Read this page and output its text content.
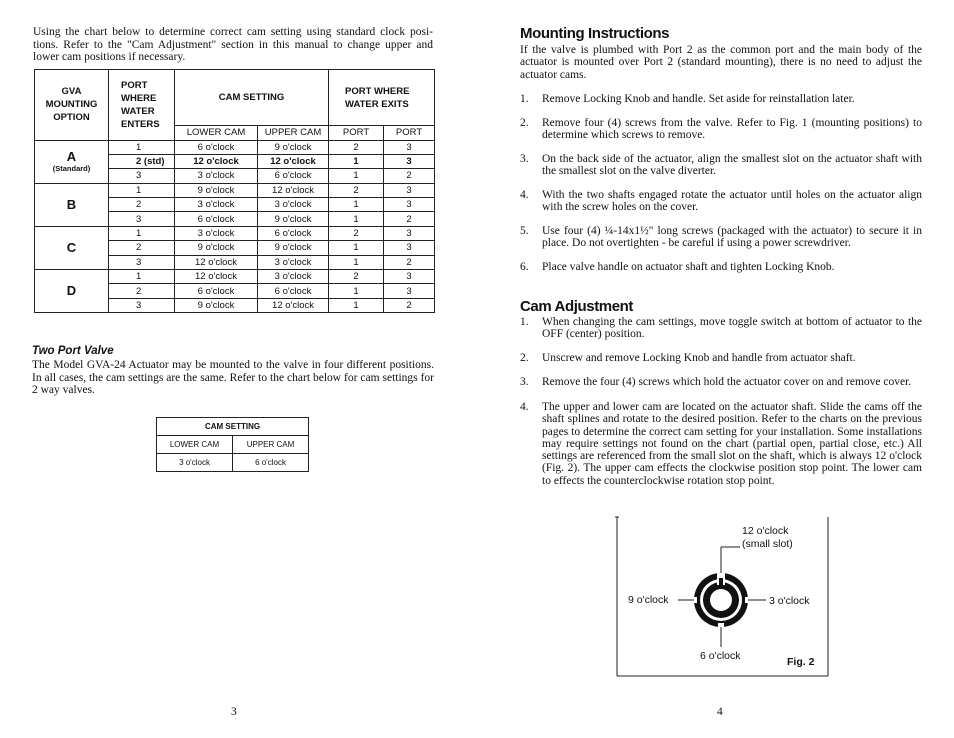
Using the chart below to determine correct cam setting using standard clock posi-tions. Refer to the "Cam Adjustment" section in this manual to change upper and lower cam positions if necessary.
GVA
MOUNTING
OPTION	PORT
WHERE
WATER
ENTERS	CAM SETTING		PORT WHERE
WATER EXITS	

		LOWER CAM	UPPER CAM	PORT	PORT

A
(Standard)	1	6 o'clock	9 o'clock	2	3
	2 (std)	12 o'clock	12 o'clock	1	3
	3	3 o'clock	6 o'clock	1	2

B	1	9 o'clock	12 o'clock	2	3
	2	3 o'clock	3 o'clock	1	3
	3	6 o'clock	9 o'clock	1	2

C	1	3 o'clock	6 o'clock	2	3
	2	9 o'clock	9 o'clock	1	3
	3	12 o'clock	3 o'clock	1	2

D	1	12 o'clock	3 o'clock	2	3
	2	6 o'clock	6 o'clock	1	3
	3	9 o'clock	12 o'clock	1	2
Two Port Valve
The Model GVA-24 Actuator may be mounted to the valve in four different positions. In all cases, the cam settings are the same. Refer to the chart below for cam settings for 2 way valves.
CAM SETTING	
LOWER CAM	UPPER CAM
3 o'clock	6 o'clock
3
Mounting Instructions
If the valve is plumbed with Port 2 as the common port and the main body of the actuator is mounted over Port 2 (standard mounting), there is no need to adjust the actuator cams.
1. Remove Locking Knob and handle. Set aside for reinstallation later.
2. Remove four (4) screws from the valve. Refer to Fig. 1 (mounting positions) to determine which screws to remove.
3. On the back side of the actuator, align the smallest slot on the actuator shaft with the smallest slot on the valve diverter.
4. With the two shafts engaged rotate the actuator until holes on the actuator align with the screw holes on the cover.
5. Use four (4) ¼-14x1½" long screws (packaged with the actuator) to secure it in place. Do not overtighten - be careful if using a power screwdriver.
6. Place valve handle on actuator shaft and tighten Locking Knob.
Cam Adjustment
1. When changing the cam settings, move toggle switch at bottom of actuator to the OFF (center) position.
2. Unscrew and remove Locking Knob and handle from actuator shaft.
3. Remove the four (4) screws which hold the actuator cover on and remove cover.
4. The upper and lower cam are located on the actuator shaft. Slide the cams off the shaft splines and rotate to the desired position. Refer to the charts on the previous pages to determine the correct cam setting for your installation. Some installations may require settings not found on the chart (partial open, partial close, etc.) All settings are referenced from the small slot on the shaft, which is always 12 o'clock (Fig. 2). The upper cam effects the clockwise position stop point. The lower cam to effects the counterclockwise rotation stop point.
4
12 o'clock
(small slot)
9 o'clock	3 o'clock
6 o'clock	Fig. 2
